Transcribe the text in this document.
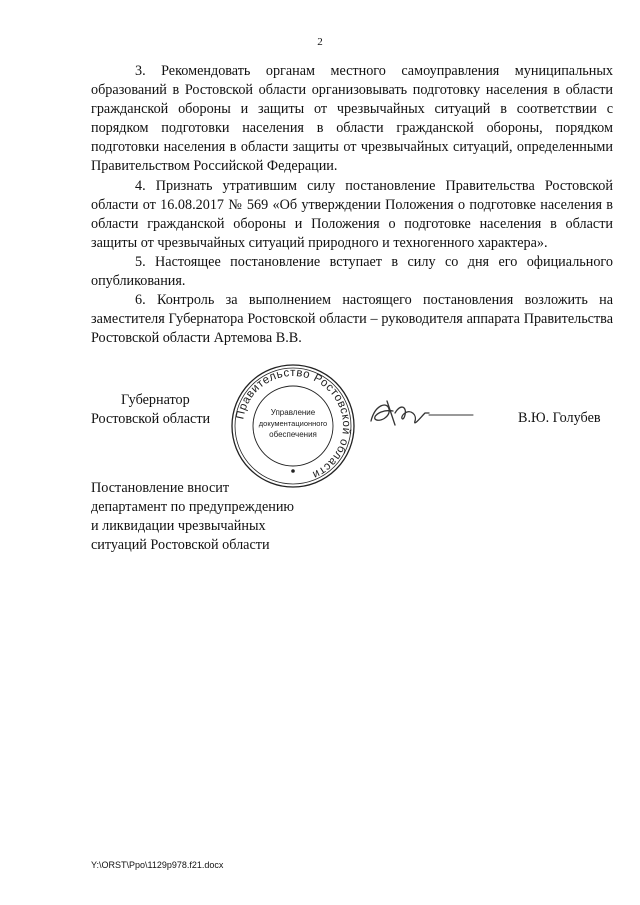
2

3. Рекомендовать органам местного самоуправления муниципальных образований в Ростовской области организовывать подготовку населения в области гражданской обороны и защиты от чрезвычайных ситуаций в соответствии с порядком подготовки населения в области гражданской обороны, порядком подготовки населения в области защиты от чрезвычайных ситуаций, определенными Правительством Российской Федерации.

4. Признать утратившим силу постановление Правительства Ростовской области от 16.08.2017 № 569 «Об утверждении Положения о подготовке населения в области гражданской обороны и Положения о подготовке населения в области защиты от чрезвычайных ситуаций природного и техногенного характера».

5. Настоящее постановление вступает в силу со дня его официального опубликования.

6. Контроль за выполнением настоящего постановления возложить на заместителя Губернатора Ростовской области – руководителя аппарата Правительства Ростовской области Артемова В.В.

Губернатор
Ростовской области Правительство Ростовской области
Управление
документационного
обеспечения
В.Ю. Голубев
Постановление вносит
департамент по предупреждению
и ликвидации чрезвычайных
ситуаций Ростовской области
Y:\ORST\Ppo\1129p978.f21.docx
